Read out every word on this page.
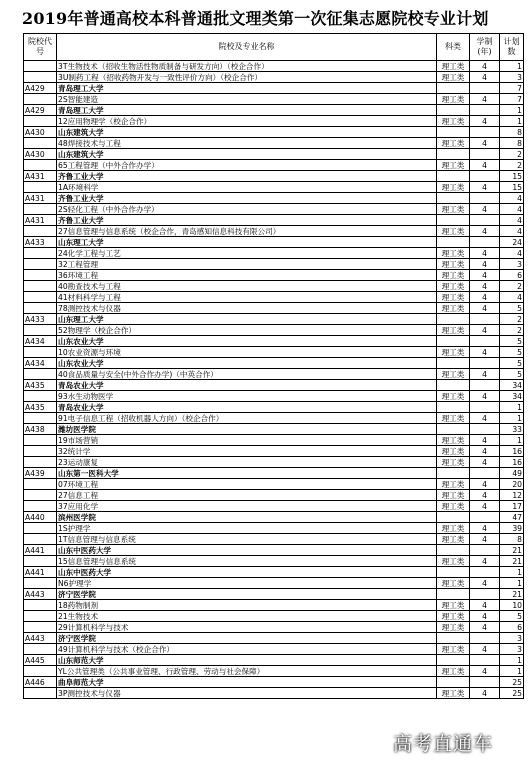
2019年普通高校本科普通批文理类第一次征集志愿院校专业计划
院校代号	院校及专业名称	科类	学制(年)	计划数
	3T生物技术（招收生物活性物质制备与研发方向）（校企合作）	理工类	4	1
	3U制药工程（招收药物开发与一致性评价方向）（校企合作）	理工类	4	3
A429	青岛理工大学			7
	2S智能建造	理工类	4	7
A429	青岛理工大学			1
	12应用物理学（校企合作）	理工类	4	1
A430	山东建筑大学			8
	48焊接技术与工程	理工类	4	8
A430	山东建筑大学			2
	65工程管理（中外合作办学）	理工类	4	2
A431	齐鲁工业大学			15
	1A环境科学	理工类	4	15
A431	齐鲁工业大学			4
	2S轻化工程（中外合作办学）	理工类	4	4
A431	齐鲁工业大学			4
	27信息管理与信息系统（校企合作，青岛感知信息科技有限公司）	理工类	4	4
A433	山东理工大学			24
	24化学工程与工艺	理工类	4	4
	32工程管理	理工类	4	3
	36环境工程	理工类	4	6
	40勘查技术与工程	理工类	4	2
	41材料科学与工程	理工类	4	4
	78测控技术与仪器	理工类	4	5
A433	山东理工大学			2
	52物理学（校企合作）	理工类	4	2
A434	山东农业大学			5
	10农业资源与环境	理工类	4	5
A434	山东农业大学			5
	40食品质量与安全(中外合作办学)（中英合作）	理工类	4	5
A435	青岛农业大学			34
	93水生动物医学	理工类	4	34
A435	青岛农业大学			1
	91电子信息工程（招收机器人方向）（校企合作）	理工类	4	1
A438	潍坊医学院			33
	19市场营销	理工类	4	1
	32统计学	理工类	4	16
	23运动康复	理工类	4	16
A439	山东第一医科大学			49
	07环境工程	理工类	4	20
	27信息工程	理工类	4	12
	37应用化学	理工类	4	17
A440	滨州医学院			47
	1S护理学	理工类	4	39
	1T信息管理与信息系统	理工类	4	8
A441	山东中医药大学			21
	15信息管理与信息系统	理工类	4	21
A441	山东中医药大学			1
	N6护理学	理工类	4	1
A443	济宁医学院			21
	18药物制剂	理工类	4	10
	21生物技术	理工类	4	5
	29计算机科学与技术	理工类	4	6
A443	济宁医学院			3
	49计算机科学与技术（校企合作）	理工类	4	3
A445	山东师范大学			1
	YL公共管理类（公共事业管理、行政管理、劳动与社会保障）	理工类	4	1
A446	曲阜师范大学			25
	3P测控技术与仪器	理工类	4	25
高考直通车
